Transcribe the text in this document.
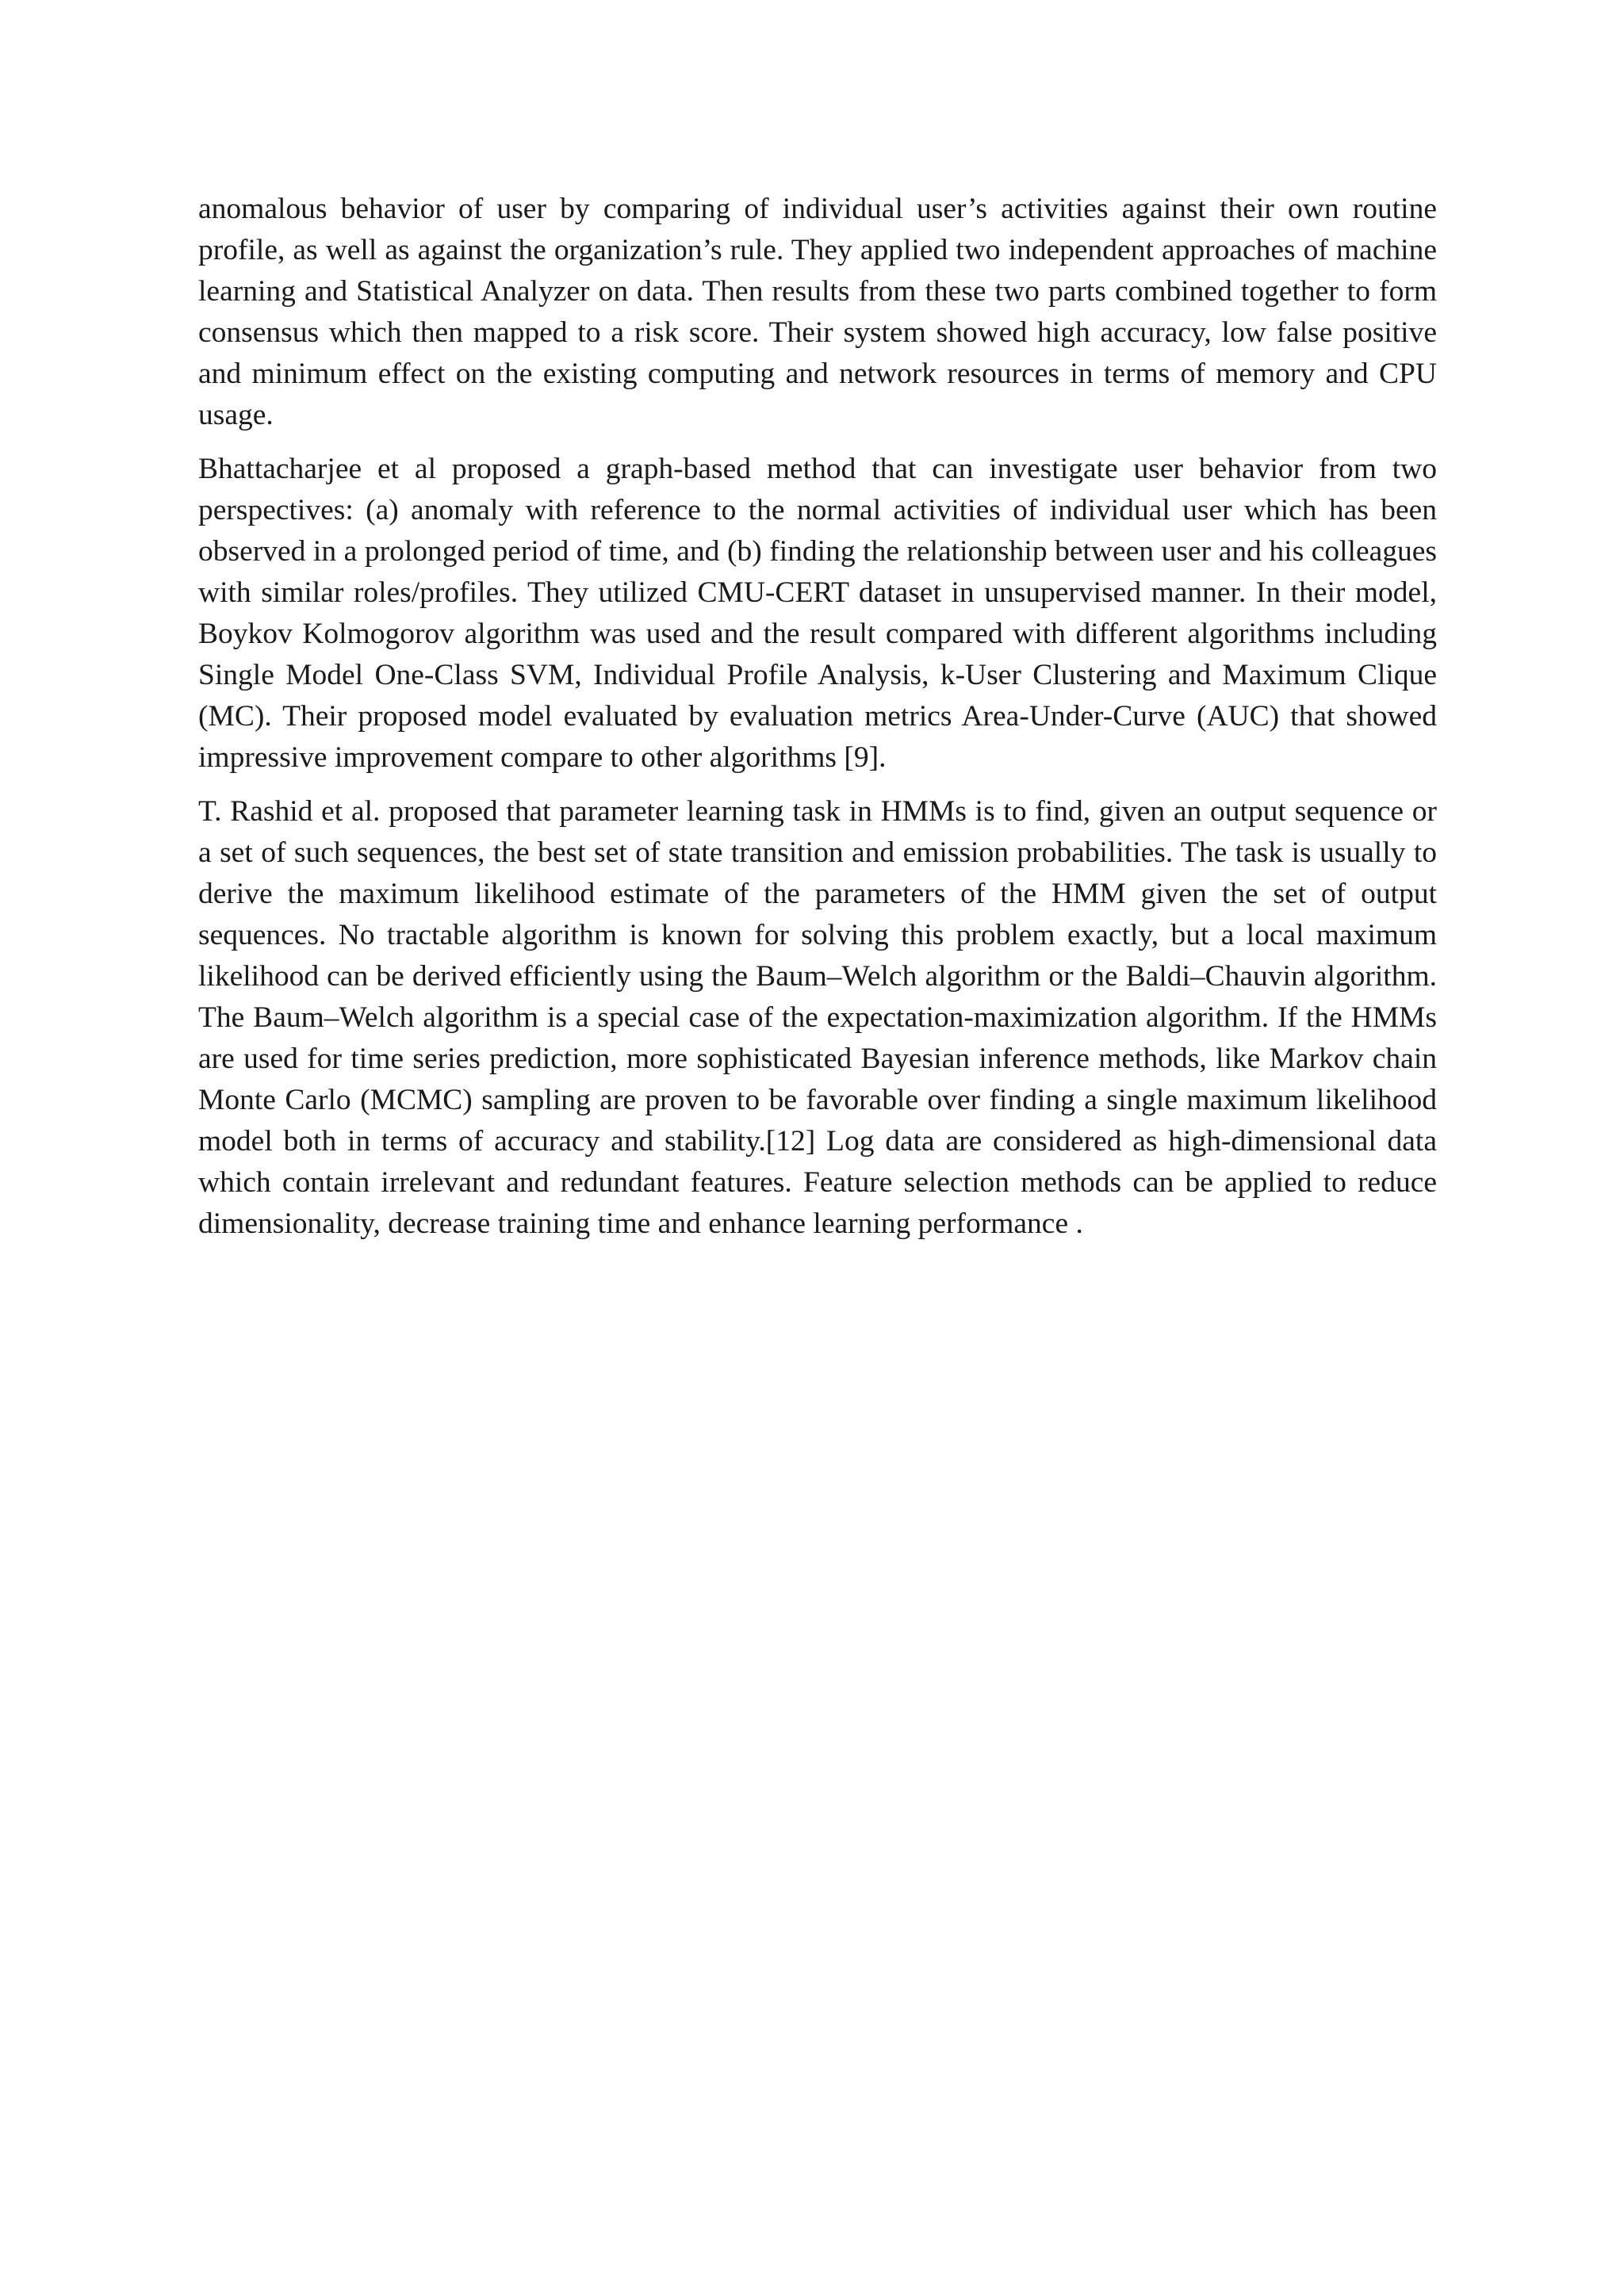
anomalous behavior of user by comparing of individual user’s activities against their own routine profile, as well as against the organization’s rule. They applied two independent approaches of machine learning and Statistical Analyzer on data. Then results from these two parts combined together to form consensus which then mapped to a risk score. Their system showed high accuracy, low false positive and minimum effect on the existing computing and network resources in terms of memory and CPU usage.

Bhattacharjee et al proposed a graph-based method that can investigate user behavior from two perspectives: (a) anomaly with reference to the normal activities of individual user which has been observed in a prolonged period of time, and (b) finding the relationship between user and his colleagues with similar roles/profiles. They utilized CMU-CERT dataset in unsupervised manner. In their model, Boykov Kolmogorov algorithm was used and the result compared with different algorithms including Single Model One-Class SVM, Individual Profile Analysis, k-User Clustering and Maximum Clique (MC). Their proposed model evaluated by evaluation metrics Area-Under-Curve (AUC) that showed impressive improvement compare to other algorithms [9].

T. Rashid et al. proposed that parameter learning task in HMMs is to find, given an output sequence or a set of such sequences, the best set of state transition and emission probabilities. The task is usually to derive the maximum likelihood estimate of the parameters of the HMM given the set of output sequences. No tractable algorithm is known for solving this problem exactly, but a local maximum likelihood can be derived efficiently using the Baum–Welch algorithm or the Baldi–Chauvin algorithm. The Baum–Welch algorithm is a special case of the expectation-maximization algorithm. If the HMMs are used for time series prediction, more sophisticated Bayesian inference methods, like Markov chain Monte Carlo (MCMC) sampling are proven to be favorable over finding a single maximum likelihood model both in terms of accuracy and stability.[12] Log data are considered as high-dimensional data which contain irrelevant and redundant features. Feature selection methods can be applied to reduce dimensionality, decrease training time and enhance learning performance .
